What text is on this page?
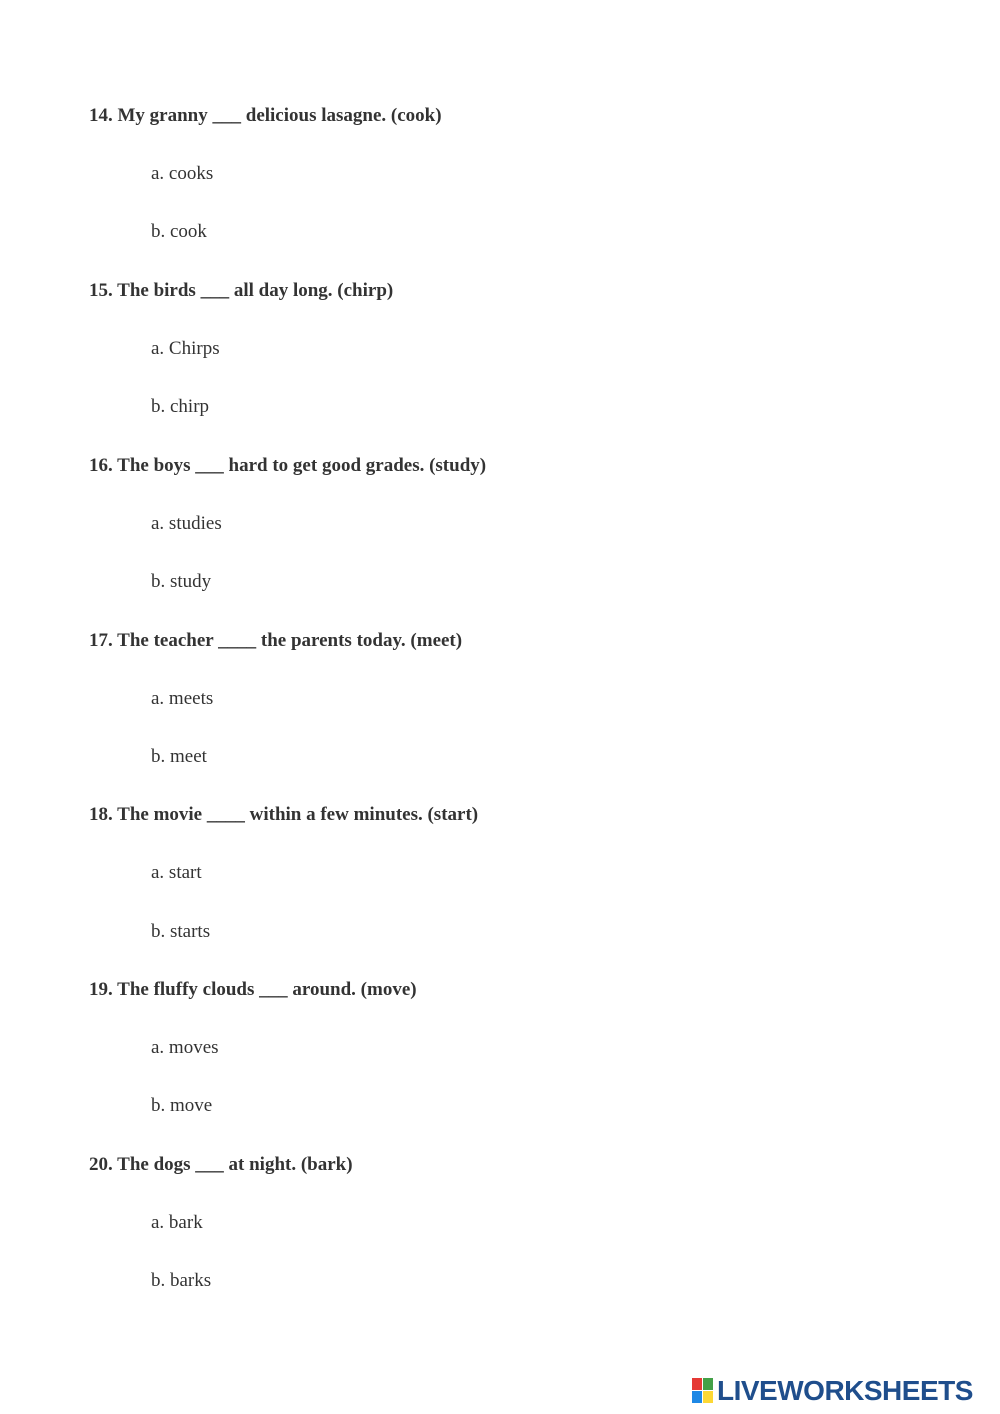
14. My granny ___ delicious lasagne. (cook)
a. cooks
b. cook
15. The birds ___ all day long. (chirp)
a. Chirps
b. chirp
16. The boys ___ hard to get good grades. (study)
a. studies
b. study
17. The teacher ____ the parents today. (meet)
a. meets
b. meet
18. The movie ____ within a few minutes. (start)
a. start
b. starts
19. The fluffy clouds ___ around. (move)
a. moves
b. move
20. The dogs ___ at night. (bark)
a. bark
b. barks
LIVEWORKSHEETS
